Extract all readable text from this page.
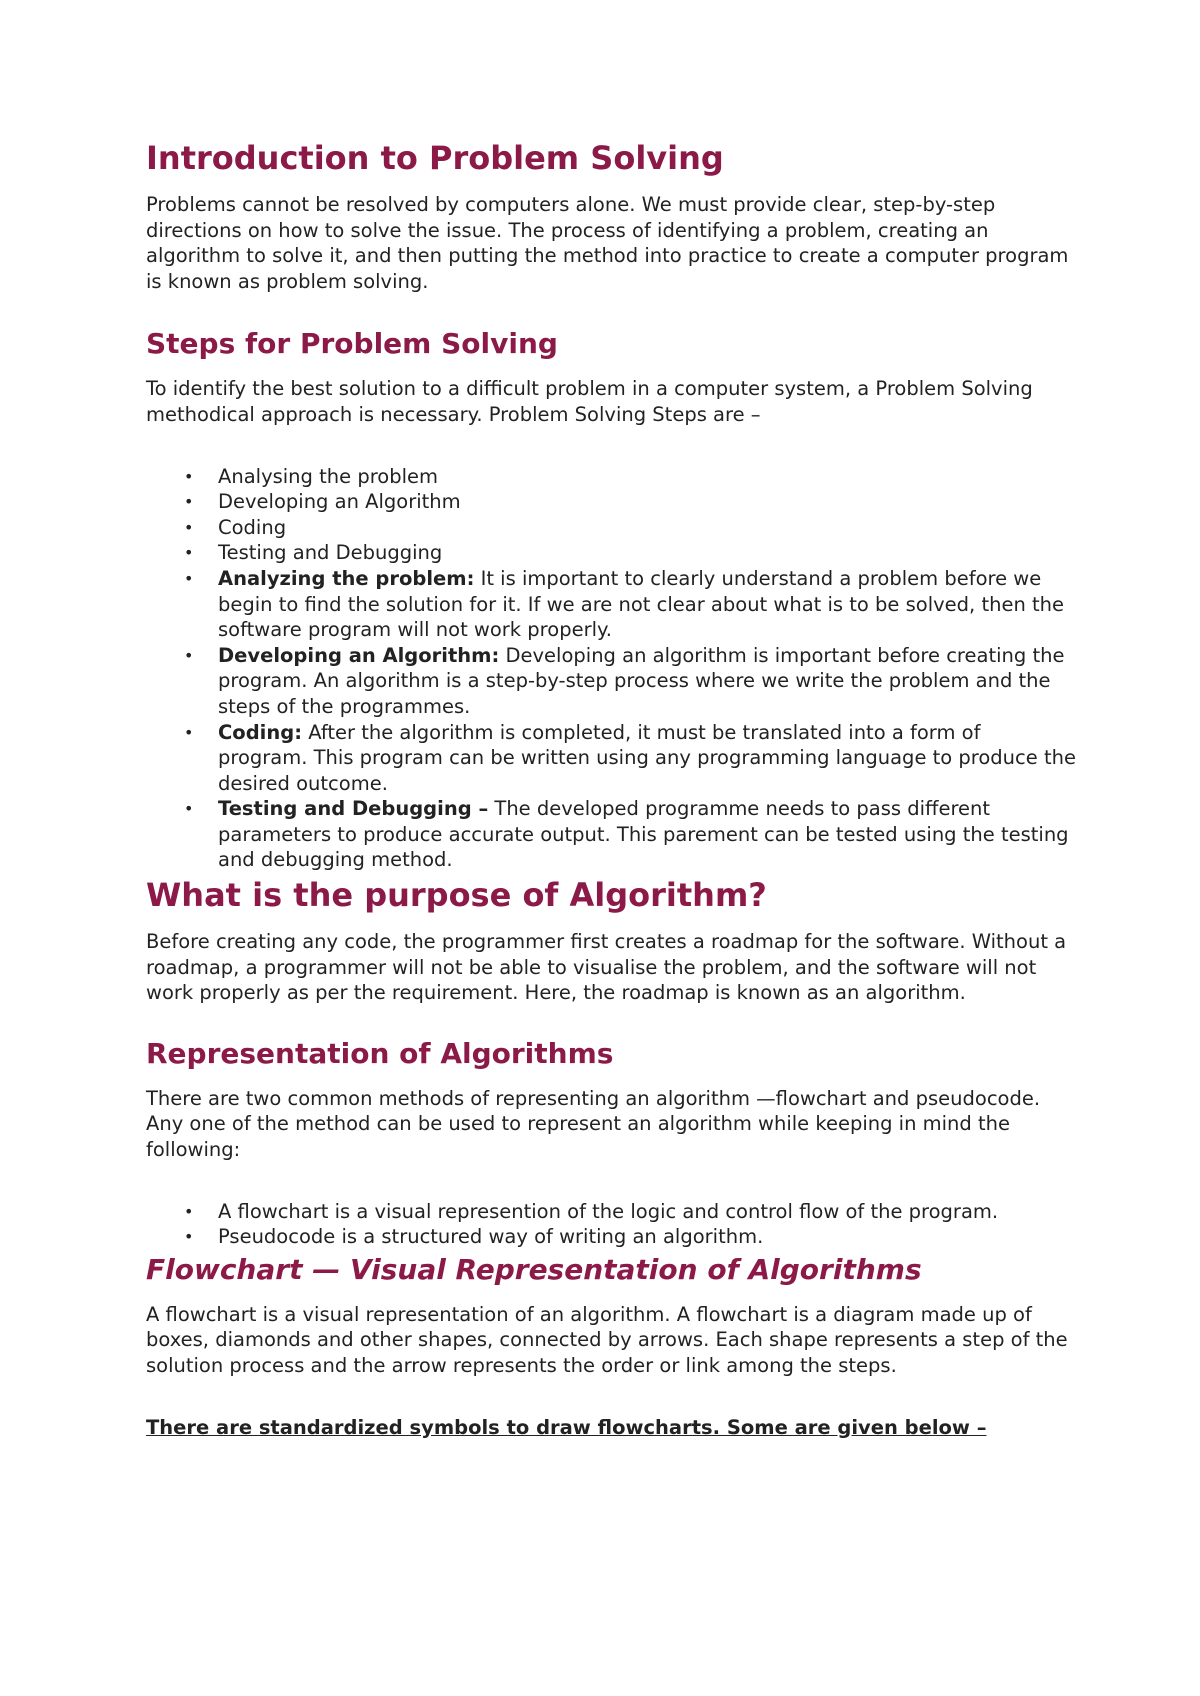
Introduction to Problem Solving

Problems cannot be resolved by computers alone. We must provide clear, step-by-step directions on how to solve the issue. The process of identifying a problem, creating an algorithm to solve it, and then putting the method into practice to create a computer program is known as problem solving.

Steps for Problem Solving

To identify the best solution to a difficult problem in a computer system, a Problem Solving methodical approach is necessary. Problem Solving Steps are –

• Analysing the problem
• Developing an Algorithm
• Coding
• Testing and Debugging
• Analyzing the problem: It is important to clearly understand a problem before we begin to find the solution for it. If we are not clear about what is to be solved, then the software program will not work properly.
• Developing an Algorithm: Developing an algorithm is important before creating the program. An algorithm is a step-by-step process where we write the problem and the steps of the programmes.
• Coding: After the algorithm is completed, it must be translated into a form of program. This program can be written using any programming language to produce the desired outcome.
• Testing and Debugging – The developed programme needs to pass different parameters to produce accurate output. This parement can be tested using the testing and debugging method.
What is the purpose of Algorithm?

Before creating any code, the programmer first creates a roadmap for the software. Without a roadmap, a programmer will not be able to visualise the problem, and the software will not work properly as per the requirement. Here, the roadmap is known as an algorithm.

Representation of Algorithms

There are two common methods of representing an algorithm —flowchart and pseudocode. Any one of the method can be used to represent an algorithm while keeping in mind the following:

• A flowchart is a visual represention of the logic and control flow of the program.
• Pseudocode is a structured way of writing an algorithm.
Flowchart — Visual Representation of Algorithms

A flowchart is a visual representation of an algorithm. A flowchart is a diagram made up of boxes, diamonds and other shapes, connected by arrows. Each shape represents a step of the solution process and the arrow represents the order or link among the steps.

There are standardized symbols to draw flowcharts. Some are given below –
